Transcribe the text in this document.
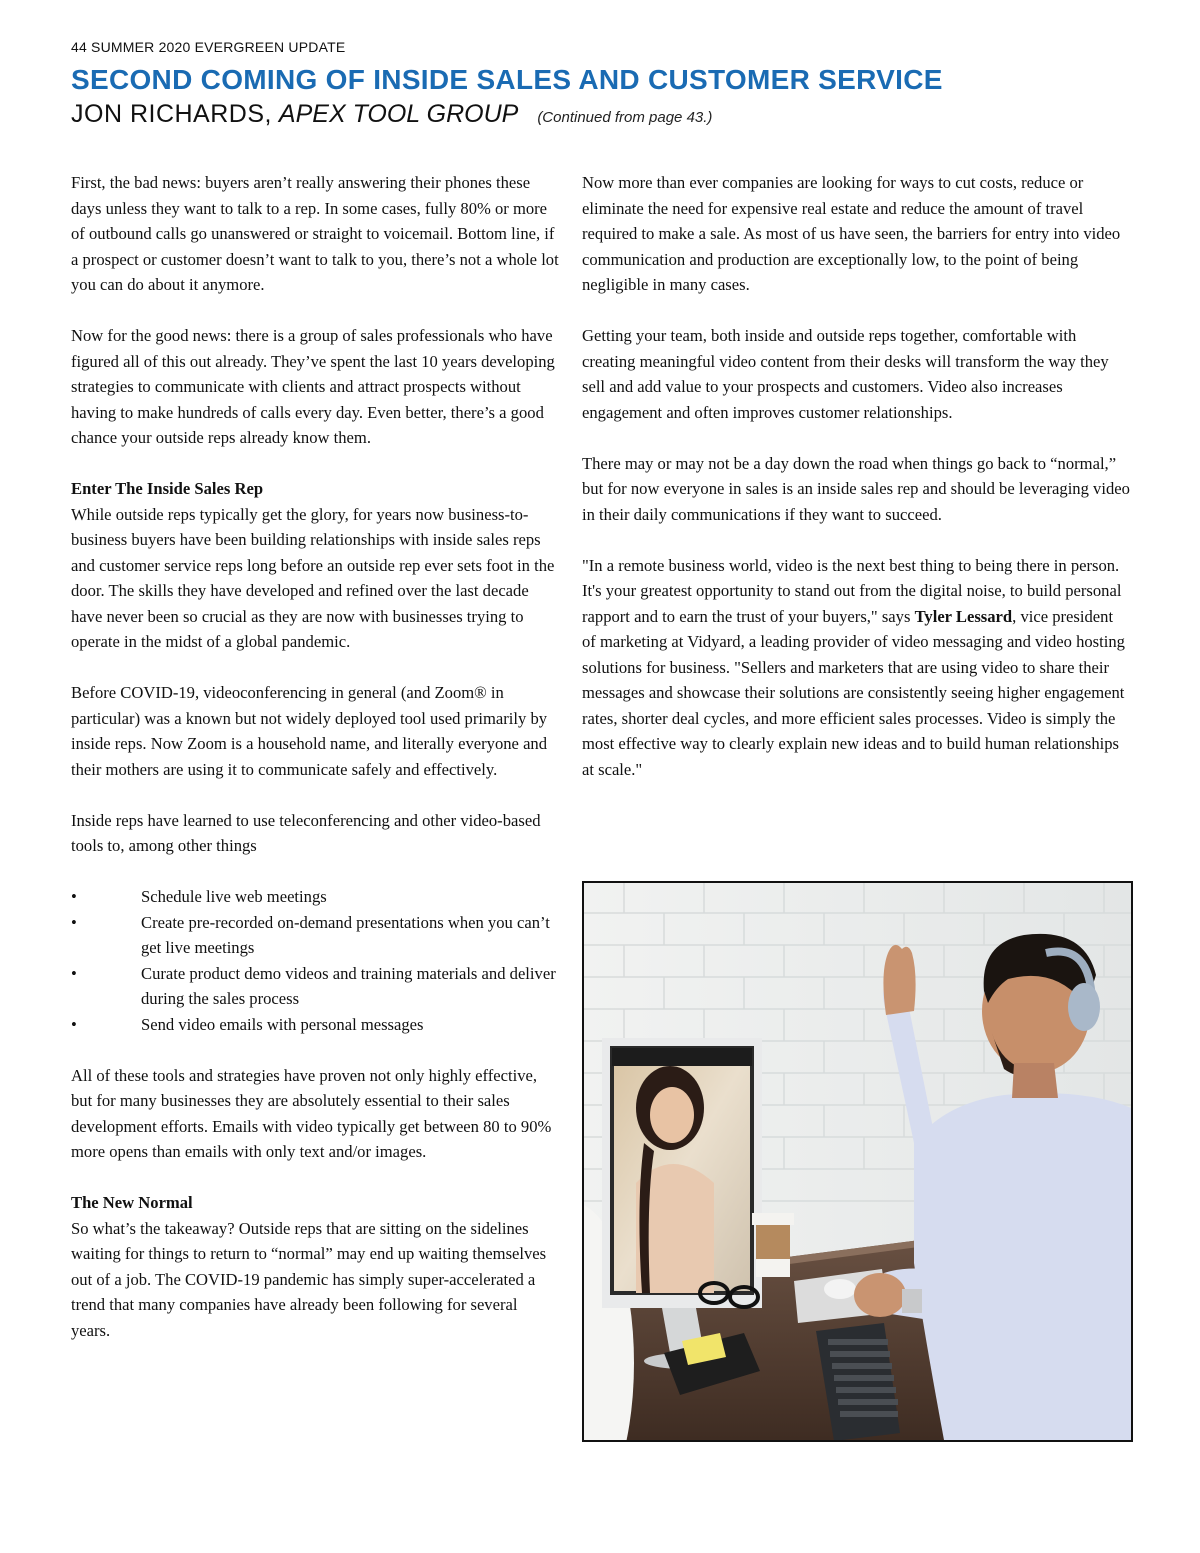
44 SUMMER 2020 EVERGREEN UPDATE
SECOND COMING OF INSIDE SALES AND CUSTOMER SERVICE
JON RICHARDS, APEX TOOL GROUP (Continued from page 43.)

First, the bad news: buyers aren’t really answering their phones these days unless they want to talk to a rep. In some cases, fully 80% or more of outbound calls go unanswered or straight to voicemail. Bottom line, if a prospect or customer doesn’t want to talk to you, there’s not a whole lot you can do about it anymore.

Now for the good news: there is a group of sales professionals who have figured all of this out already. They’ve spent the last 10 years developing strategies to communicate with clients and attract prospects without having to make hundreds of calls every day. Even better, there’s a good chance your outside reps already know them.

Enter The Inside Sales Rep

While outside reps typically get the glory, for years now business-to-business buyers have been building relationships with inside sales reps and customer service reps long before an outside rep ever sets foot in the door. The skills they have developed and refined over the last decade have never been so crucial as they are now with businesses trying to operate in the midst of a global pandemic.

Before COVID-19, videoconferencing in general (and Zoom® in particular) was a known but not widely deployed tool used primarily by inside reps. Now Zoom is a household name, and literally everyone and their mothers are using it to communicate safely and effectively.

Inside reps have learned to use teleconferencing and other video-based tools to, among other things

• Schedule live web meetings
• Create pre-recorded on-demand presentations when you can’t get live meetings
• Curate product demo videos and training materials and deliver during the sales process
• Send video emails with personal messages

All of these tools and strategies have proven not only highly effective, but for many businesses they are absolutely essential to their sales development efforts. Emails with video typically get between 80 to 90% more opens than emails with only text and/or images.

The New Normal

So what’s the takeaway? Outside reps that are sitting on the sidelines waiting for things to return to “normal” may end up waiting themselves out of a job. The COVID-19 pandemic has simply super-accelerated a trend that many companies have already been following for several years.

Now more than ever companies are looking for ways to cut costs, reduce or eliminate the need for expensive real estate and reduce the amount of travel required to make a sale. As most of us have seen, the barriers for entry into video communication and production are exceptionally low, to the point of being negligible in many cases.

Getting your team, both inside and outside reps together, comfortable with creating meaningful video content from their desks will transform the way they sell and add value to your prospects and customers. Video also increases engagement and often improves customer relationships.

There may or may not be a day down the road when things go back to “normal,” but for now everyone in sales is an inside sales rep and should be leveraging video in their daily communications if they want to succeed.

"In a remote business world, video is the next best thing to being there in person. It's your greatest opportunity to stand out from the digital noise, to build personal rapport and to earn the trust of your buyers," says Tyler Lessard, vice president of marketing at Vidyard, a leading provider of video messaging and video hosting solutions for business. "Sellers and marketers that are using video to share their messages and showcase their solutions are consistently seeing higher engagement rates, shorter deal cycles, and more efficient sales processes. Video is simply the most effective way to clearly explain new ideas and to build human relationships at scale."
